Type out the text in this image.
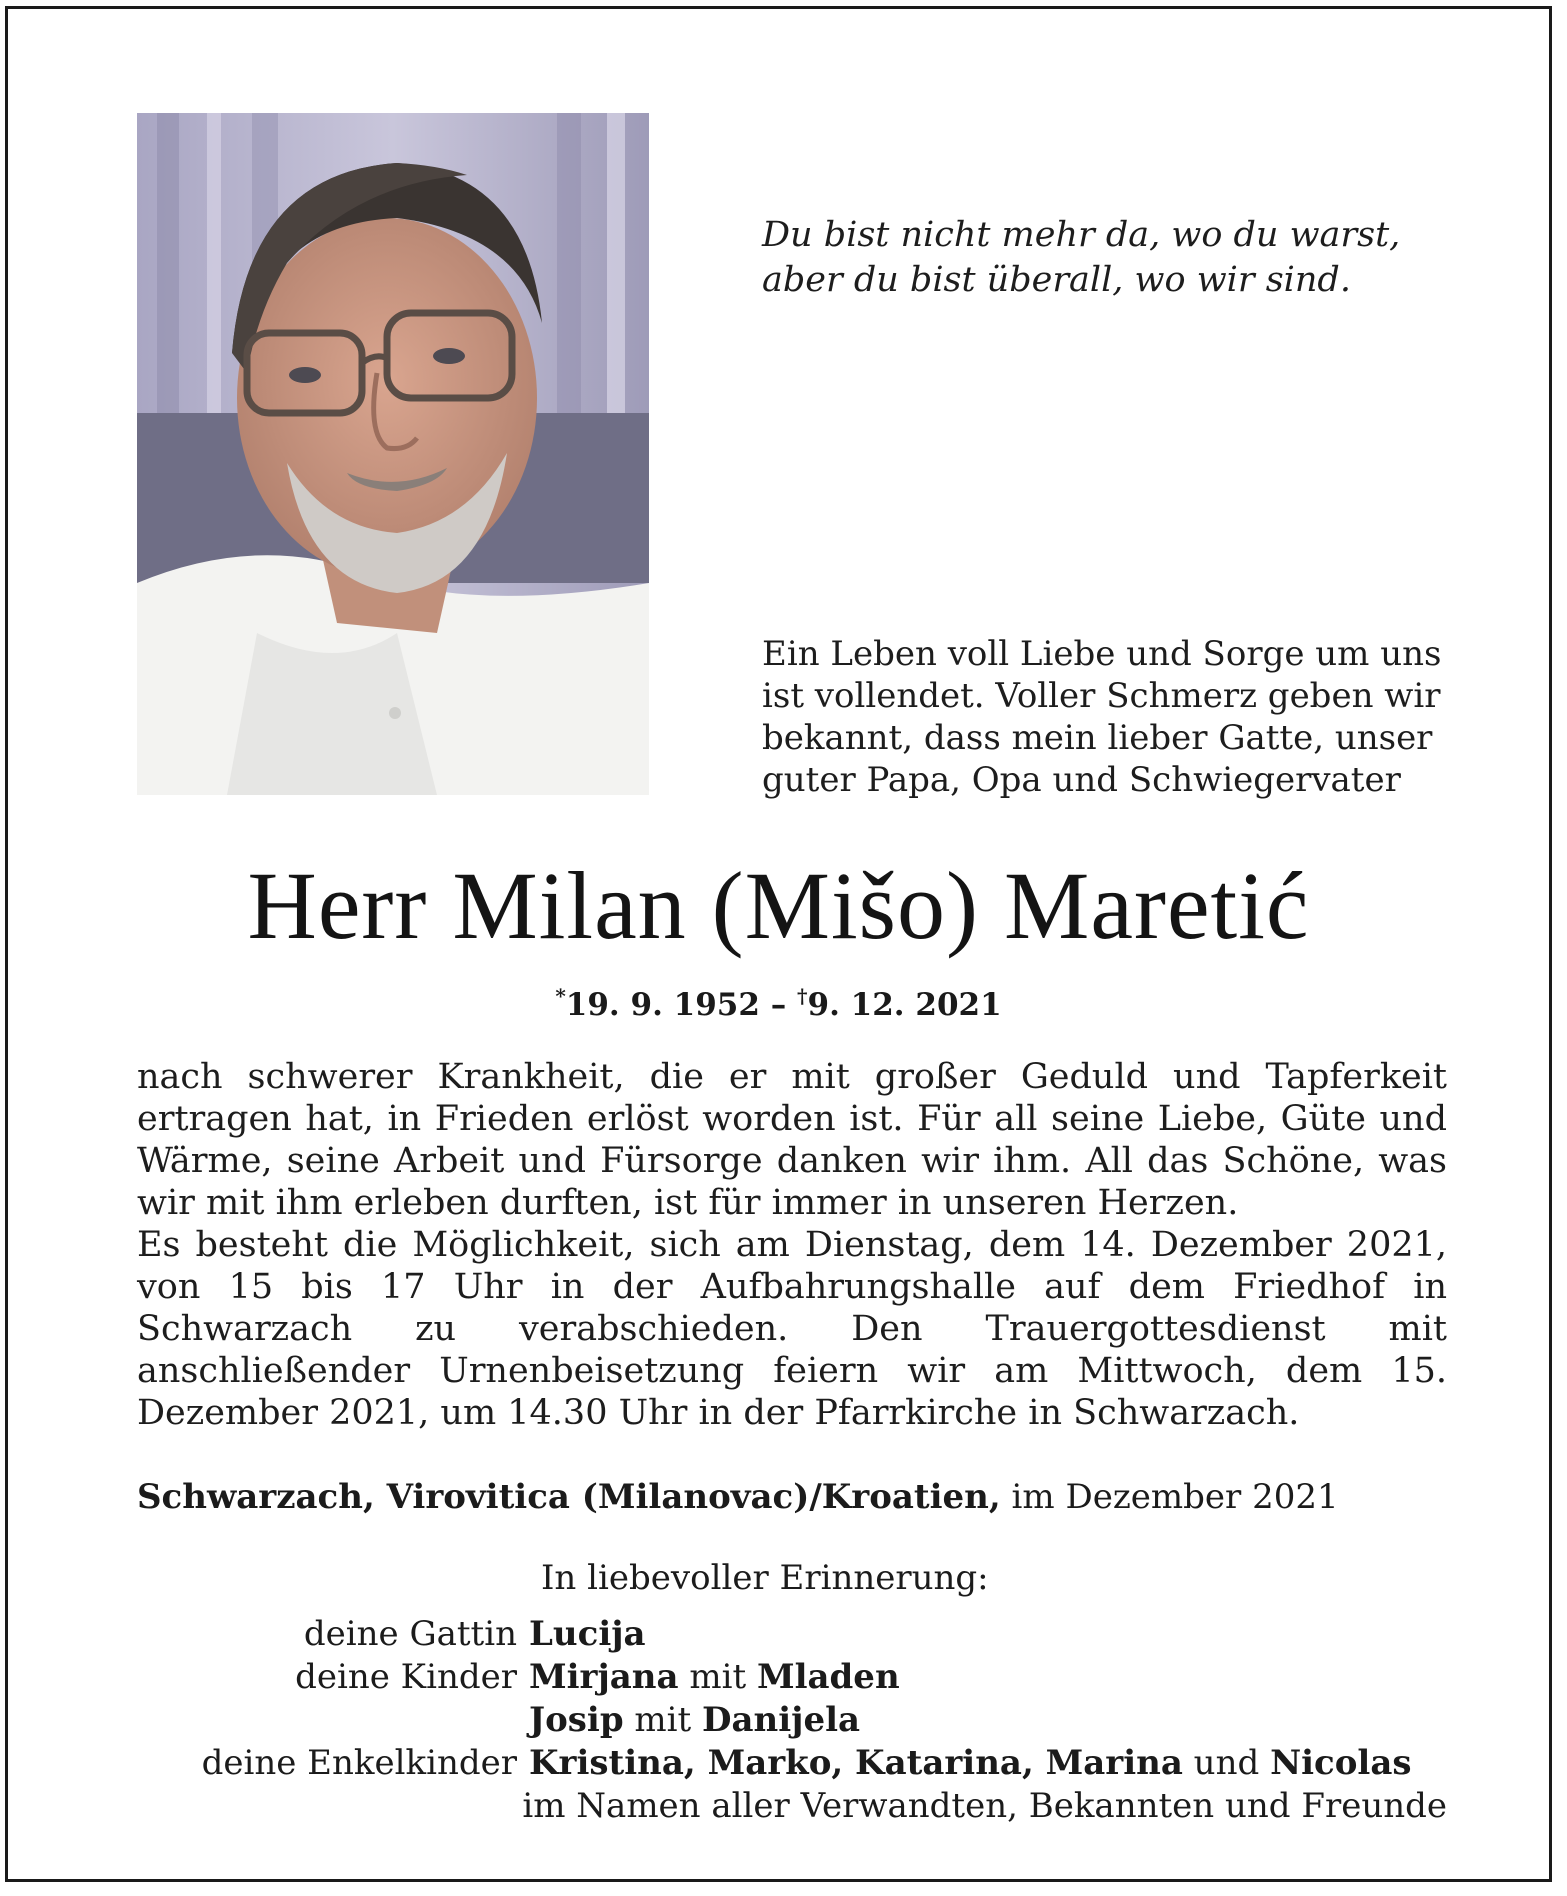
Du bist nicht mehr da, wo du warst,
aber du bist überall, wo wir sind.
Ein Leben voll Liebe und Sorge um uns
ist vollendet. Voller Schmerz geben wir
bekannt, dass mein lieber Gatte, unser
guter Papa, Opa und Schwiegervater
Herr Milan (Mišo) Maretić
*19. 9. 1952 – †9. 12. 2021

nach schwerer Krankheit, die er mit großer Geduld und Tapferkeit ertragen hat, in Frieden erlöst worden ist. Für all seine Liebe, Güte und Wärme, seine Arbeit und Fürsorge danken wir ihm. All das Schöne, was wir mit ihm erleben durften, ist für immer in unseren Herzen.

Es besteht die Möglichkeit, sich am Dienstag, dem 14. Dezember 2021, von 15 bis 17 Uhr in der Aufbahrungshalle auf dem Friedhof in Schwarzach zu verabschieden. Den Trauergottesdienst mit anschließender Urnenbeisetzung feiern wir am Mittwoch, dem 15. Dezember 2021, um 14.30 Uhr in der Pfarrkirche in Schwarzach.

Schwarzach, Virovitica (Milanovac)/Kroatien, im Dezember 2021
In liebevoller Erinnerung:
deine Gattin Lucija
deine Kinder Mirjana mit Mladen
Josip mit Danijela
deine Enkelkinder Kristina, Marko, Katarina, Marina und Nicolas
im Namen aller Verwandten, Bekannten und Freunde
